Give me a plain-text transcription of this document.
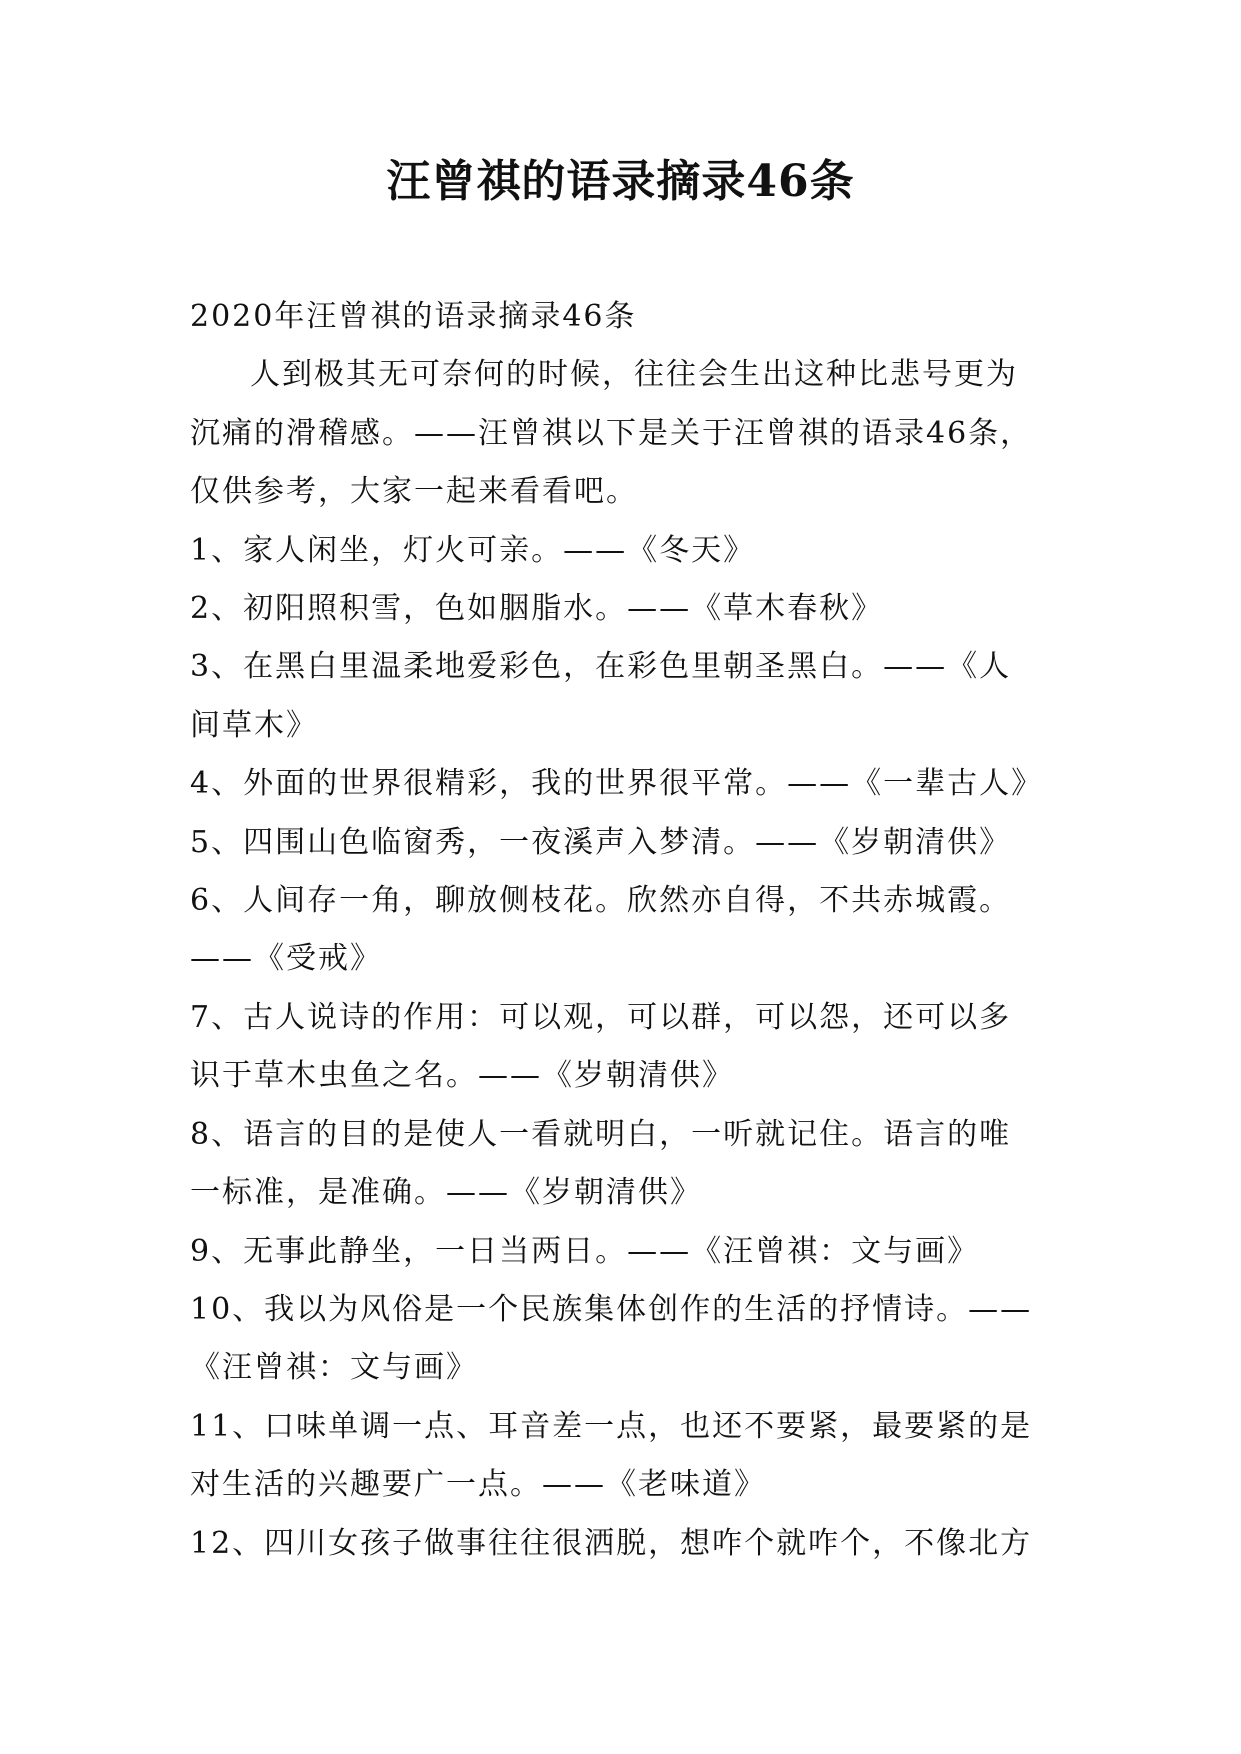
汪曾祺的语录摘录46条

2020年汪曾祺的语录摘录46条

人到极其无可奈何的时候，往往会生出这种比悲号更为

沉痛的滑稽感。——汪曾祺以下是关于汪曾祺的语录46条，

仅供参考，大家一起来看看吧。

1、家人闲坐，灯火可亲。——《冬天》

2、初阳照积雪，色如胭脂水。——《草木春秋》

3、在黑白里温柔地爱彩色，在彩色里朝圣黑白。——《人

间草木》

4、外面的世界很精彩，我的世界很平常。——《一辈古人》

5、四围山色临窗秀，一夜溪声入梦清。——《岁朝清供》

6、人间存一角，聊放侧枝花。欣然亦自得，不共赤城霞。

——《受戒》

7、古人说诗的作用：可以观，可以群，可以怨，还可以多

识于草木虫鱼之名。——《岁朝清供》

8、语言的目的是使人一看就明白，一听就记住。语言的唯

一标准，是准确。——《岁朝清供》

9、无事此静坐，一日当两日。——《汪曾祺：文与画》

10、我以为风俗是一个民族集体创作的生活的抒情诗。——

《汪曾祺：文与画》

11、口味单调一点、耳音差一点，也还不要紧，最要紧的是

对生活的兴趣要广一点。——《老味道》

12、四川女孩子做事往往很洒脱，想咋个就咋个，不像北方
